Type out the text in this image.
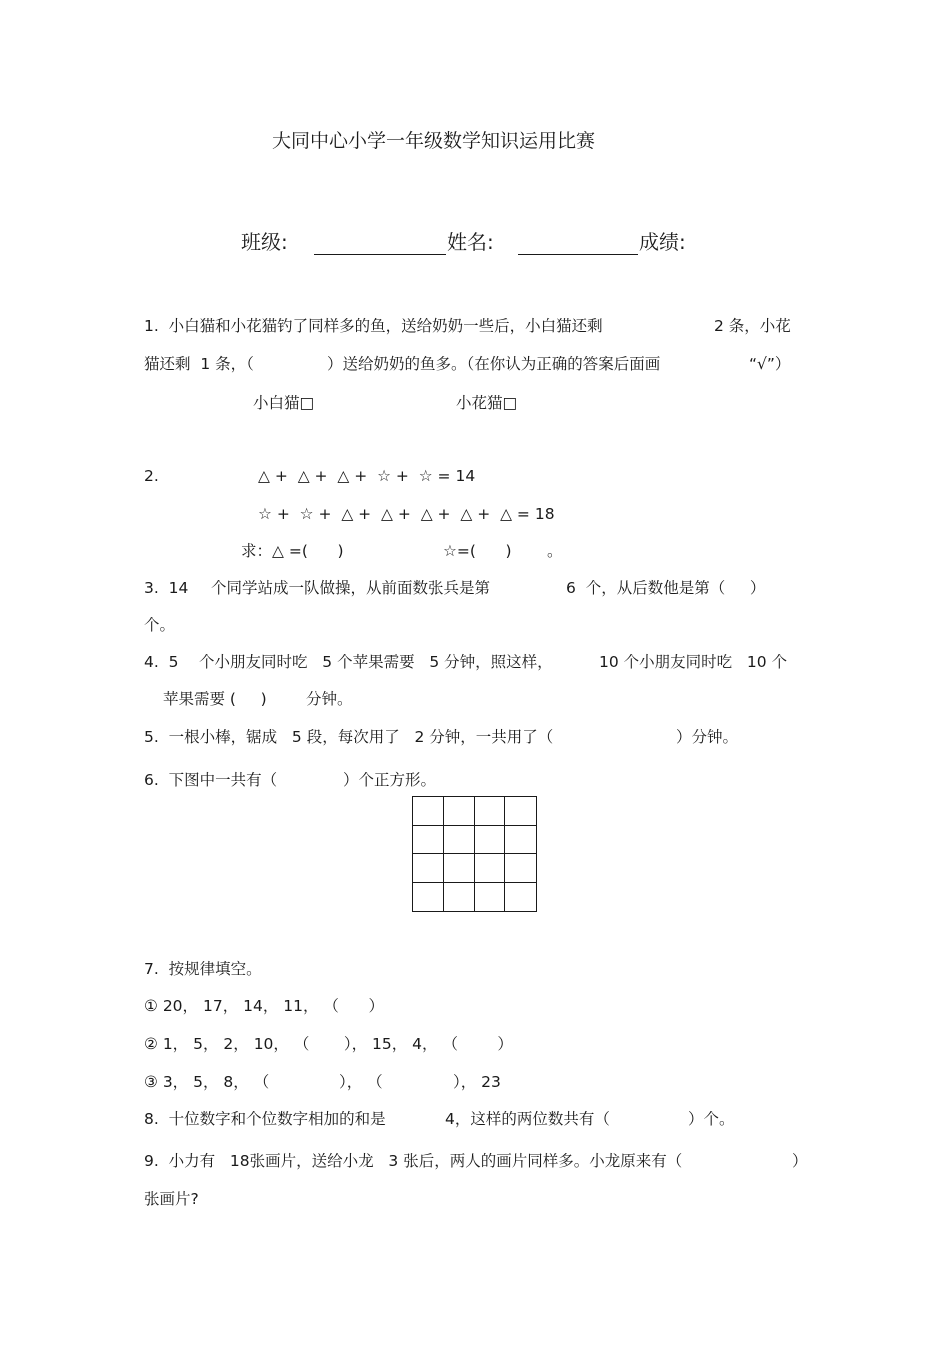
大同中心小学一年级数学知识运用比赛
班级:	姓名:	成绩:
1.  小白猫和小花猫钓了同样多的鱼，送给奶奶一些后，小白猫还剩	2 条，小花
猫还剩  1 条，（	）送给奶奶的鱼多。（在你认为正确的答案后面画	“√”）
小白猫□	小花猫□
2.	△ +  △ +  △ +  ☆ +  ☆ = 14
☆ +  ☆ +  △ +  △ +  △ +  △ +  △ = 18
求：△ =(      )	☆=(      ) 。
3.  14 个同学站成一队做操，从前面数张兵是第	6  个，从后数他是第（     ）
个。
4.  5 个小朋友同时吃   5 个苹果需要   5 分钟，照这样，	10 个小朋友同时吃   10 个
苹果需要 (     )	分钟。
5.  一根小棒，锯成   5 段，每次用了   2 分钟，一共用了（	）分钟。
6.  下图中一共有（	）个正方形。
7.  按规律填空。
① 20， 17， 14， 11， （      ）
② 1， 5， 2， 10， （       ）， 15， 4， （        ）
③ 3， 5， 8， （	）， （	）， 23
8.  十位数字和个位数字相加的和是	4，这样的两位数共有（	）个。
9.  小力有   18张画片，送给小龙   3 张后，两人的画片同样多。小龙原来有（	）
张画片?
